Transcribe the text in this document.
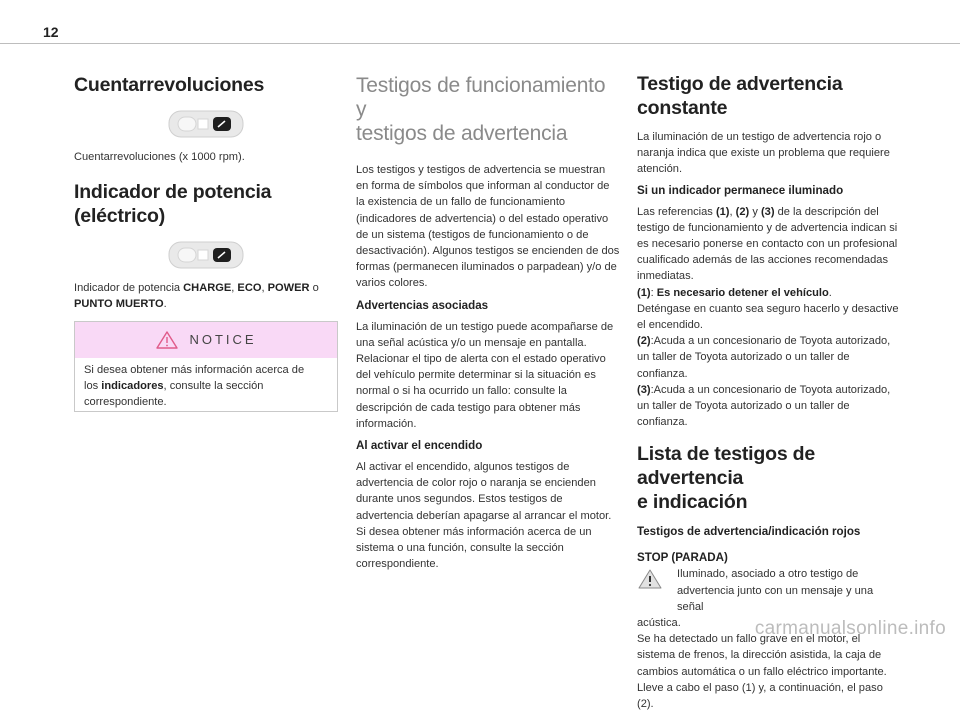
12
Cuentarrevoluciones

Cuentarrevoluciones (x 1000 rpm).

Indicador de potencia (eléctrico)

Indicador de potencia CHARGE, ECO, POWER o
PUNTO MUERTO.

NOTICE

Si desea obtener más información acerca de

los indicadores, consulte la sección

correspondiente.

Testigos de funcionamiento y
testigos de advertencia

Los testigos y testigos de advertencia se muestran en forma de símbolos que informan al conductor de la existencia de un fallo de funcionamiento (indicadores de advertencia) o del estado operativo de un sistema (testigos de funcionamiento o de desactivación). Algunos testigos se encienden de dos formas (permanecen iluminados o parpadean) y/o de varios colores.

Advertencias asociadas

La iluminación de un testigo puede acompañarse de una señal acústica y/o un mensaje en pantalla. Relacionar el tipo de alerta con el estado operativo del vehículo permite determinar si la situación es normal o si ha ocurrido un fallo: consulte la descripción de cada testigo para obtener más información.

Al activar el encendido

Al activar el encendido, algunos testigos de advertencia de color rojo o naranja se encienden durante unos segundos. Estos testigos de advertencia deberían apagarse al arrancar el motor.

Si desea obtener más información acerca de un sistema o una función, consulte la sección correspondiente.

Testigo de advertencia
constante

La iluminación de un testigo de advertencia rojo o naranja indica que existe un problema que requiere atención.

Si un indicador permanece iluminado

Las referencias (1), (2) y (3) de la descripción del testigo de funcionamiento y de advertencia indican si es necesario ponerse en contacto con un profesional cualificado además de las acciones recomendadas inmediatas.

(1): Es necesario detener el vehículo.

Deténgase en cuanto sea seguro hacerlo y desactive el encendido.

(2):Acuda a un concesionario de Toyota autorizado, un taller de Toyota autorizado o un taller de confianza.

(3):Acuda a un concesionario de Toyota autorizado, un taller de Toyota autorizado o un taller de confianza.

Lista de testigos de advertencia
e indicación
Testigos de advertencia/indicación rojos
STOP (PARADA)

Iluminado, asociado a otro testigo de

advertencia junto con un mensaje y una señal

acústica.

Se ha detectado un fallo grave en el motor, el sistema de frenos, la dirección asistida, la caja de cambios automática o un fallo eléctrico importante.

Lleve a cabo el paso (1) y, a continuación, el paso (2).

carmanualsonline.info
